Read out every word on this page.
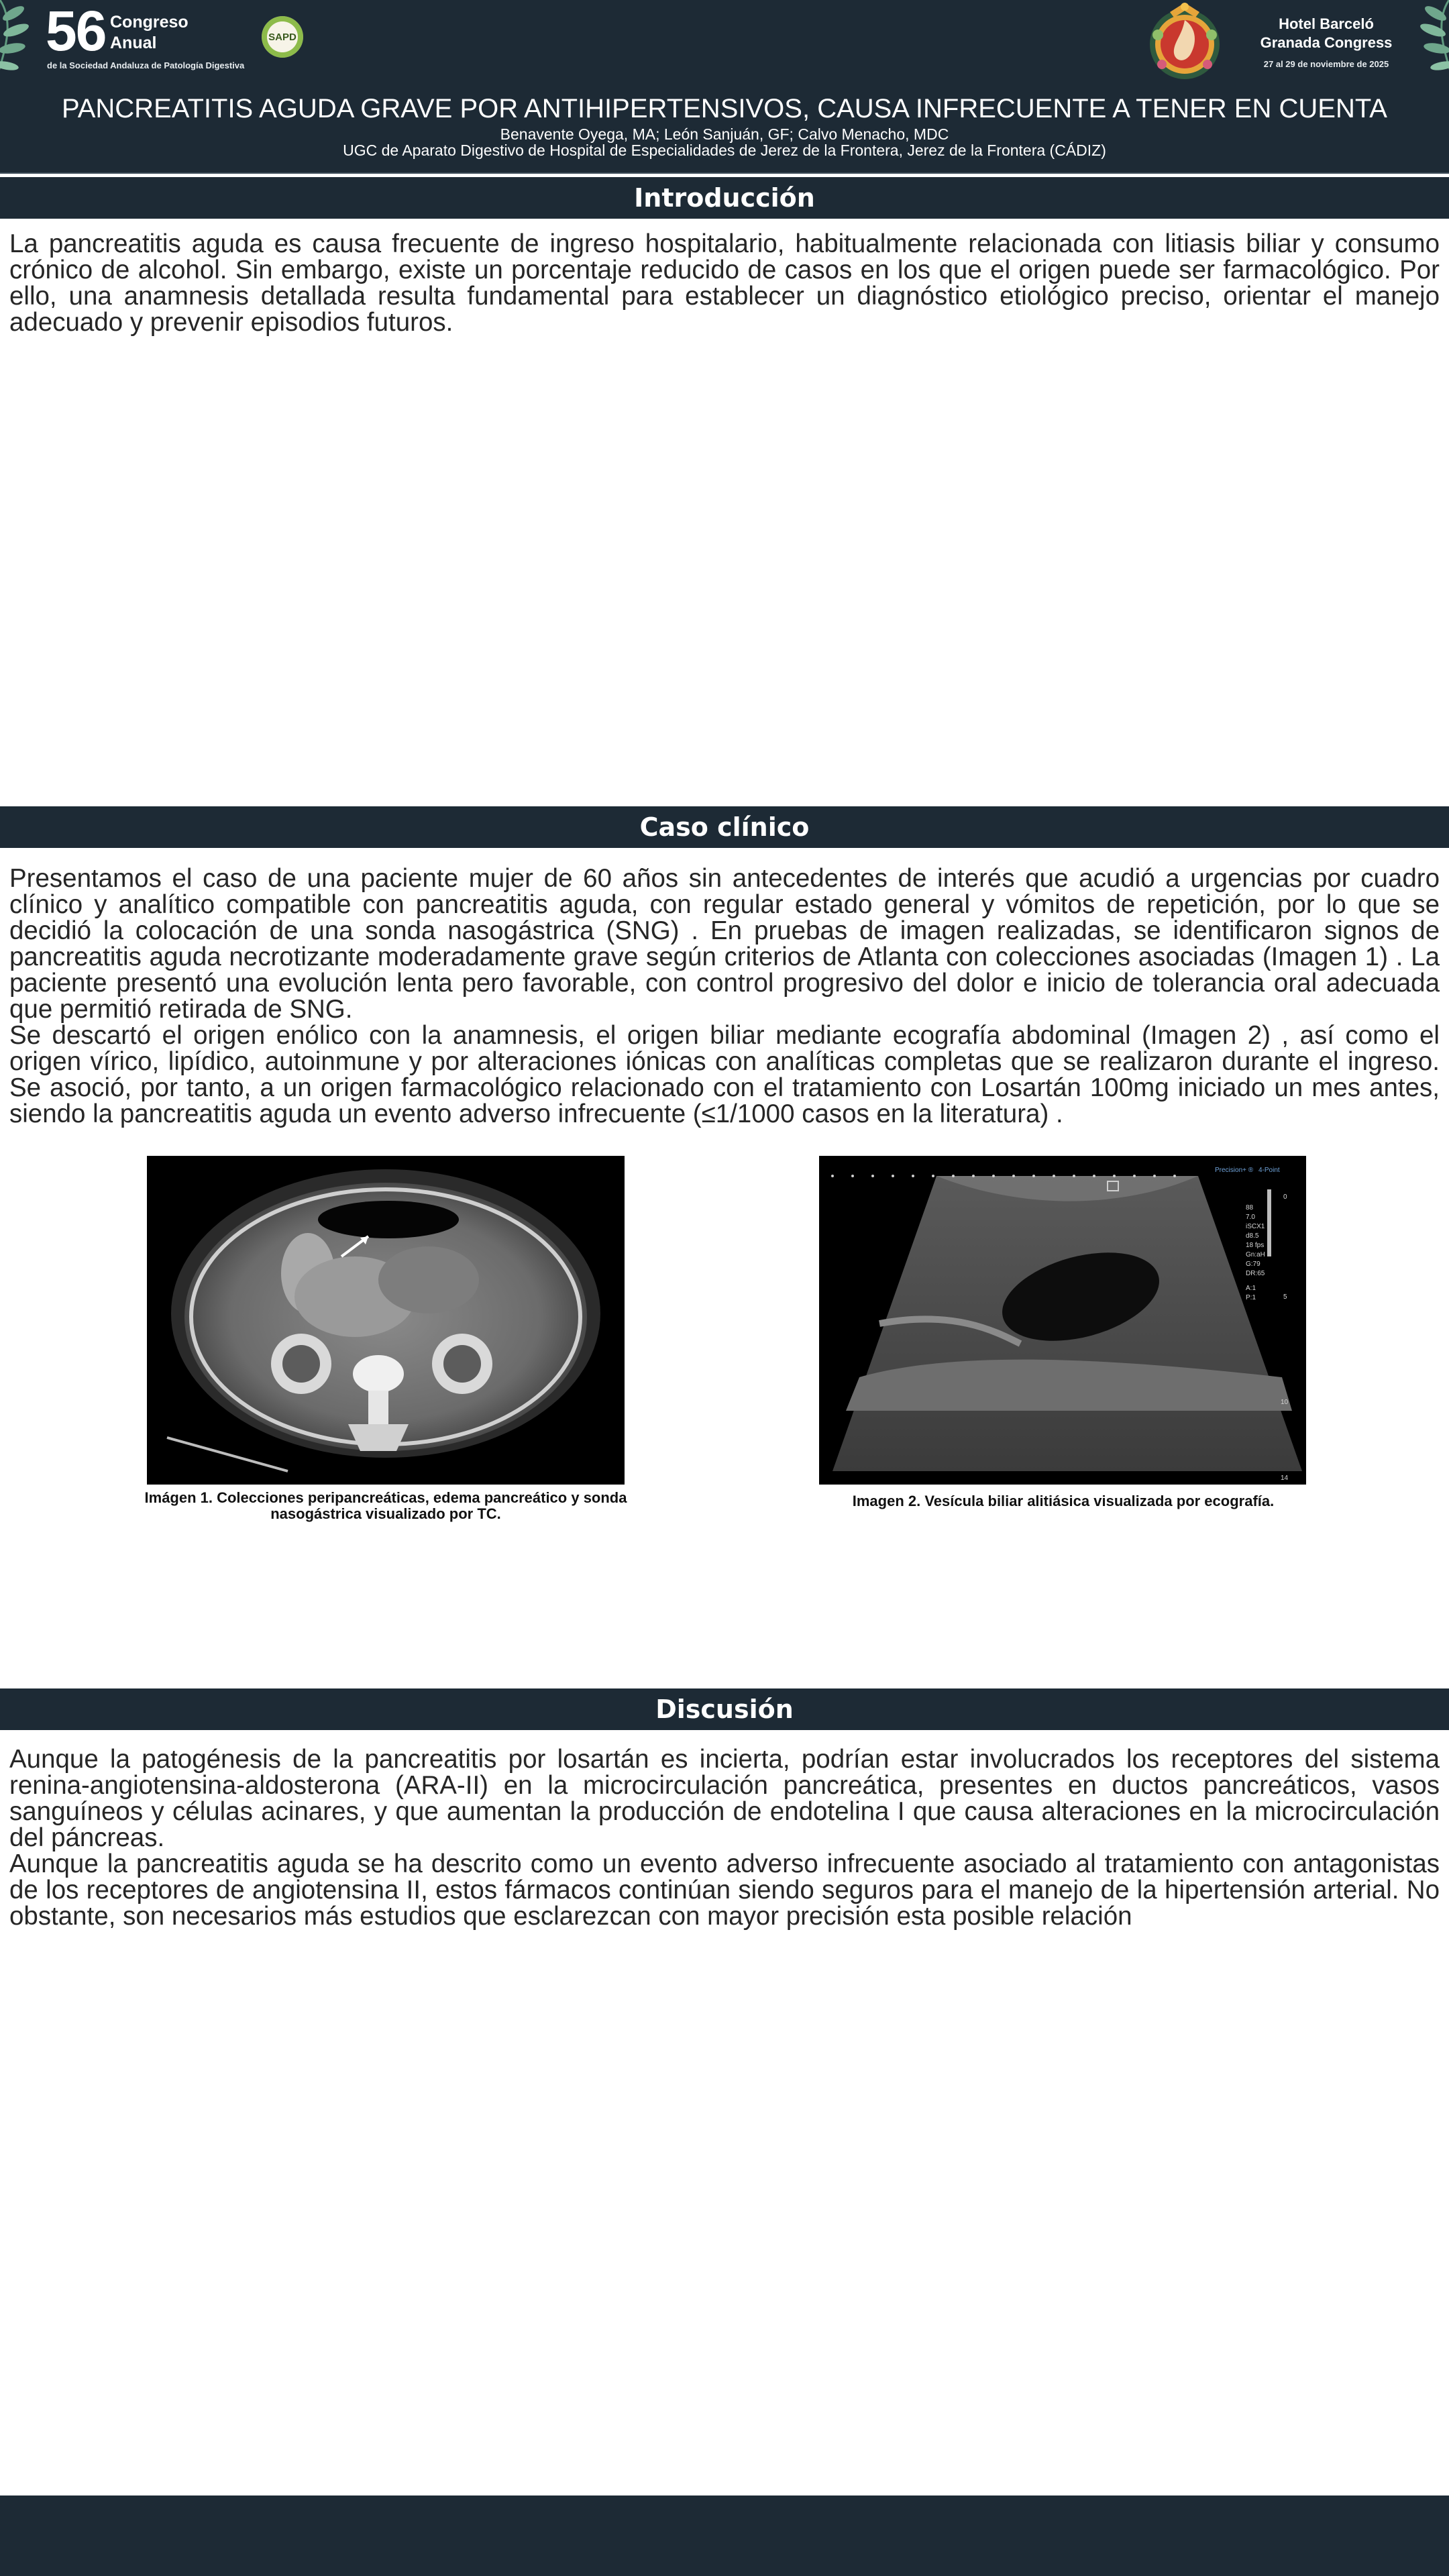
56 Congreso
Anual
de la Sociedad Andaluza de Patología Digestiva
SAPD
Hotel Barceló
Granada Congress
27 al 29 de noviembre de 2025
PANCREATITIS AGUDA GRAVE POR ANTIHIPERTENSIVOS, CAUSA INFRECUENTE A TENER EN CUENTA
Benavente Oyega, MA; León Sanjuán, GF; Calvo Menacho, MDC
UGC de Aparato Digestivo de Hospital de Especialidades de Jerez de la Frontera, Jerez de la Frontera (CÁDIZ)
Introducción

La pancreatitis aguda es causa frecuente de ingreso hospitalario, habitualmente relacionada con litiasis biliar y consumo crónico de alcohol. Sin embargo, existe un porcentaje reducido de casos en los que el origen puede ser farmacológico. Por ello, una anamnesis detallada resulta fundamental para establecer un diagnóstico etiológico preciso, orientar el manejo adecuado y prevenir episodios futuros.

Caso clínico

Presentamos el caso de una paciente mujer de 60 años sin antecedentes de interés que acudió a urgencias por cuadro clínico y analítico compatible con pancreatitis aguda, con regular estado general y vómitos de repetición, por lo que se decidió la colocación de una sonda nasogástrica (SNG) . En pruebas de imagen realizadas, se identificaron signos de pancreatitis aguda necrotizante moderadamente grave según criterios de Atlanta con colecciones asociadas (Imagen 1) . La paciente presentó una evolución lenta pero favorable, con control progresivo del dolor e inicio de tolerancia oral adecuada que permitió retirada de SNG.

Se descartó el origen enólico con la anamnesis, el origen biliar mediante ecografía abdominal (Imagen 2) , así como el origen vírico, lipídico, autoinmune y por alteraciones iónicas con analíticas completas que se realizaron durante el ingreso. Se asoció, por tanto, a un origen farmacológico relacionado con el tratamiento con Losartán 100mg iniciado un mes antes, siendo la pancreatitis aguda un evento adverso infrecuente (≤1/1000 casos en la literatura) .

Imágen 1. Colecciones peripancreáticas, edema pancreático y sonda nasogástrica visualizado por TC.
Precision+ ® 4-Point
88
7.0
iSCX1
d8.5
18 fps
Gn:aH
G:79
DR:65
A:1
P:1
0
5
10
14
Imagen 2. Vesícula biliar alitiásica visualizada por ecografía.
Discusión

Aunque la patogénesis de la pancreatitis por losartán es incierta, podrían estar involucrados los receptores del sistema renina-angiotensina-aldosterona (ARA-II) en la microcirculación pancreática, presentes en ductos pancreáticos, vasos sanguíneos y células acinares, y que aumentan la producción de endotelina I que causa alteraciones en la microcirculación del páncreas.

Aunque la pancreatitis aguda se ha descrito como un evento adverso infrecuente asociado al tratamiento con antagonistas de los receptores de angiotensina II, estos fármacos continúan siendo seguros para el manejo de la hipertensión arterial. No obstante, son necesarios más estudios que esclarezcan con mayor precisión esta posible relación
